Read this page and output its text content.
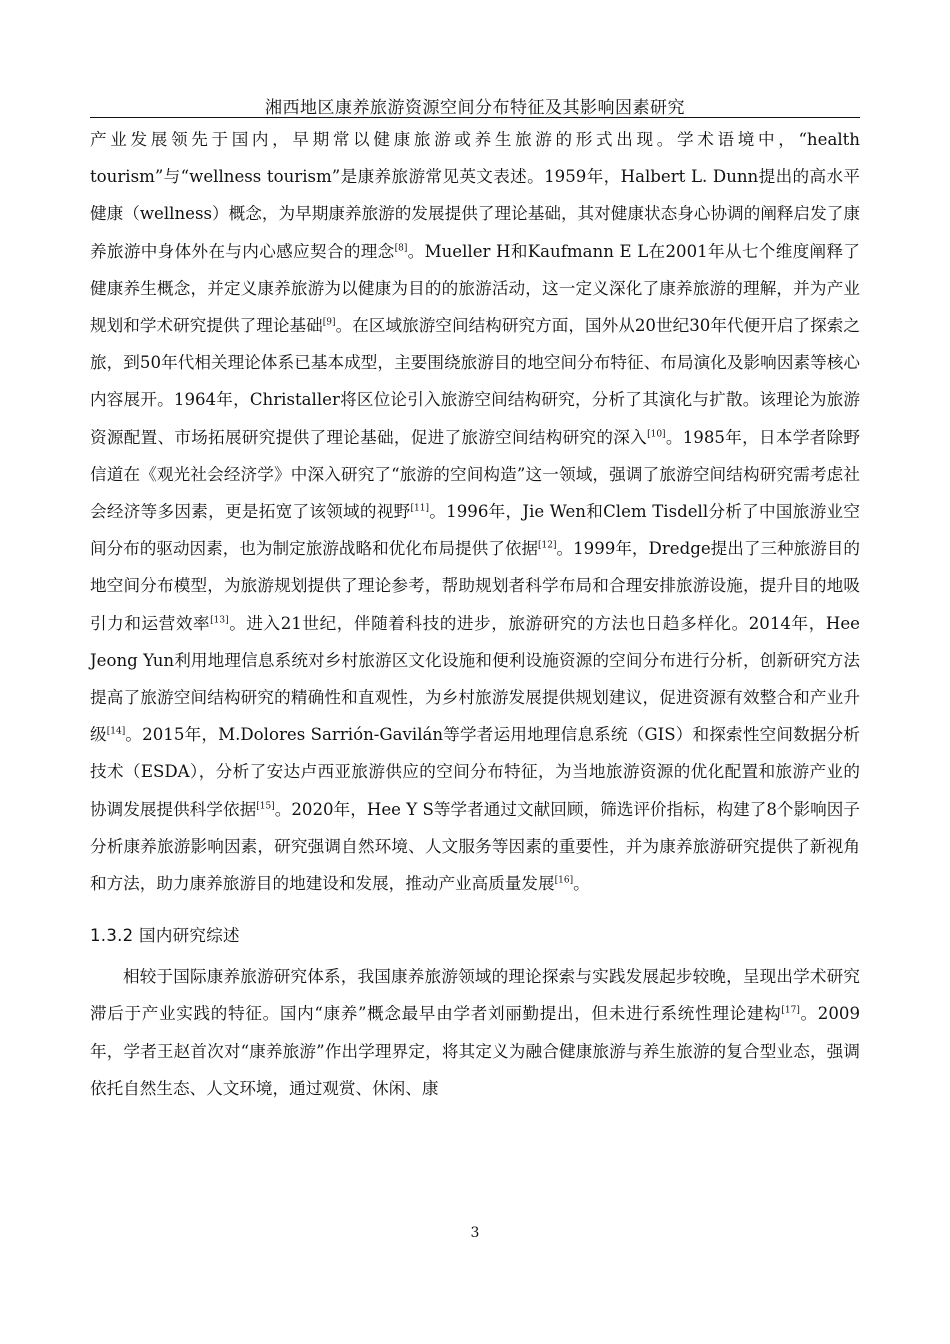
湘西地区康养旅游资源空间分布特征及其影响因素研究

产业发展领先于国内，早期常以健康旅游或养生旅游的形式出现。学术语境中，“health tourism”与“wellness tourism”是康养旅游常见英文表述。1959年，Halbert L. Dunn提出的高水平健康（wellness）概念，为早期康养旅游的发展提供了理论基础，其对健康状态身心协调的阐释启发了康养旅游中身体外在与内心感应契合的理念[8]。Mueller H和Kaufmann E L在2001年从七个维度阐释了健康养生概念，并定义康养旅游为以健康为目的的旅游活动，这一定义深化了康养旅游的理解，并为产业规划和学术研究提供了理论基础[9]。在区域旅游空间结构研究方面，国外从20世纪30年代便开启了探索之旅，到50年代相关理论体系已基本成型，主要围绕旅游目的地空间分布特征、布局演化及影响因素等核心内容展开。1964年，Christaller将区位论引入旅游空间结构研究，分析了其演化与扩散。该理论为旅游资源配置、市场拓展研究提供了理论基础，促进了旅游空间结构研究的深入[10]。1985年，日本学者除野信道在《观光社会经济学》中深入研究了“旅游的空间构造”这一领域，强调了旅游空间结构研究需考虑社会经济等多因素，更是拓宽了该领域的视野[11]。1996年，Jie Wen和Clem Tisdell分析了中国旅游业空间分布的驱动因素，也为制定旅游战略和优化布局提供了依据[12]。1999年，Dredge提出了三种旅游目的地空间分布模型，为旅游规划提供了理论参考，帮助规划者科学布局和合理安排旅游设施，提升目的地吸引力和运营效率[13]。进入21世纪，伴随着科技的进步，旅游研究的方法也日趋多样化。2014年，Hee Jeong Yun利用地理信息系统对乡村旅游区文化设施和便利设施资源的空间分布进行分析，创新研究方法提高了旅游空间结构研究的精确性和直观性，为乡村旅游发展提供规划建议，促进资源有效整合和产业升级[14]。2015年，M.Dolores Sarrión-Gavilán等学者运用地理信息系统（GIS）和探索性空间数据分析技术（ESDA），分析了安达卢西亚旅游供应的空间分布特征，为当地旅游资源的优化配置和旅游产业的协调发展提供科学依据[15]。2020年，Hee Y S等学者通过文献回顾，筛选评价指标，构建了8个影响因子分析康养旅游影响因素，研究强调自然环境、人文服务等因素的重要性，并为康养旅游研究提供了新视角和方法，助力康养旅游目的地建设和发展，推动产业高质量发展[16]。

1.3.2 国内研究综述

相较于国际康养旅游研究体系，我国康养旅游领域的理论探索与实践发展起步较晚，呈现出学术研究滞后于产业实践的特征。国内“康养”概念最早由学者刘丽勤提出，但未进行系统性理论建构[17]。2009年，学者王赵首次对“康养旅游”作出学理界定，将其定义为融合健康旅游与养生旅游的复合型业态，强调依托自然生态、人文环境，通过观赏、休闲、康

3
